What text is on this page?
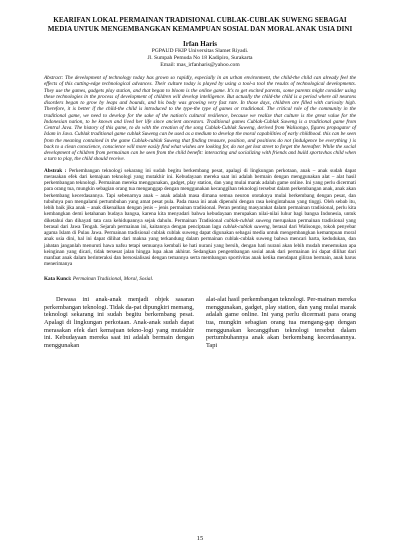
KEARIFAN LOKAL PERMAINAN TRADISIONAL CUBLAK-CUBLAK SUWENG SEBAGAI MEDIA UNTUK MENGEMBANGKAN KEMAMPUAN SOSIAL DAN MORAL ANAK USIA DINI
Irfan Haris
PGPAUD FKIP Universitas Slamet Riyadi.
Jl. Sumpah Pemuda No 18 Kadipiro, Surakarta
Email: mas_irfanharis@yahoo.com
Abstract: The development of technology today has grown so rapidly, especially in an urban environment, the child-the child can already feel the effects of this cutting-edge technological advances. Their culture today is played by using a tool-a tool the results of technological developments. They use the games, gadgets play station, and that began to bloom is the online game. It's to get excited parents, some parents might consider using these technologies in the process of development of children will develop intelligence. But actually the child-the child is a period where all neurons disorders began to grow by leaps and bounds, and his body was growing very fast rate. In those days, children are filled with curiosity high. Therefore, it is better if the child-the child is introduced to the type-the type of games or traditional. The critical role of the community in the traditional game, we need to develop for the sake of the nation's cultural resilience, because we realize that culture is the great value for the Indonesian nation, to be known and lived her life since ancient ancestors. Traditional games Cublak-Cublak Suweng is a traditional game from Central Java. The history of this game, to do with the creation of the song Cublak-Cublak Suweng, derived from Walisongo, figures propagator of Islam in Java. Cublak traditional game cublak Suweng can be used as a medium to develop the moral capabilities of early childhood. this can be seen from the meaning contained in the game Cublak-cublak Suweng that finding treasure, position, and positions do not (indulgence be everything ) is back to a clean conscience, conscience will more easily find what wishes are looking for, do not get lost street to forget the hereafter. While the social development of children from permainan can be seen from the child benefit: interacting and socializing with friends and build sportsvhas child when a turn to play, the child should receive.
Abstrak : Perkembangan teknologi sekarang ini sudah begitu berkembang pesat, apalagi di lingkungan perkotaan, anak – anak sudah dapat merasakan efek dari kemajuan teknologi yang mutakhir ini. Kebudayaan mereka saat ini adalah bermain dengan menggunakan alat – alat hasil perkembangan teknologi. Permainan mereka menggunakan, gadget, play station, dan yang mulai marak adalah game online. Ini yang perlu dicermati para orang tua, mungkin sebagian orang tua menganggap dengan menggunakan kecanggihan teknologi tersebut dalam perkembangan anak, anak akan berkembang kecerdasannya. Tapi sebenarnya anak – anak adalah masa dimana semua neuron ototaknya mulai berkembang dengan pesat, dan tubuhnya pun mengalami pertumbuhan yang amat pesat pula. Pada masa ini anak dipenuhi dengan rasa keingintahuan yang tinggi. Oleh sebab itu, lebih baik jika anak – anak dikenalkan dengan jenis – jenis permainan tradisional. Peran penting masyarakat dalam permainan tradisional, perlu kita kembangkan demi ketahanan budaya bangsa, karena kita menyadari bahwa kebudayaan merupakan nilai-nilai luhur bagi bangsa Indonesia, untuk diketahui dan dihayati tata cara kehidupannya sejak dahulu. Permainan Tradisional cublak-cublak suweng merupakan permainan tradisional yang berasal dari Jawa Tengah. Sejarah permainan ini, kaitannya dengan penciptaan lagu cublak-cublak suweng, berasal dari Walisongo, tokoh penyebar agama Islam di Pulau Jawa. Permainan tradisional cublak cublak suweng dapat digunakan sebagai media untuk mengembangkan kemampuan moral anak usia dini, hal ini dapat dilihat dari makna yang terkandung dalam permainan cublak-cublak suweng bahwa mencari harta, kedudukan, dan jabatan janganlah menuruti hawa nafsu tetapi semuanya kembali ke hati nurani yang bersih, dengan hati nurani akan lebih mudah menemukan apa keinginan yang dicari, tidak tersesat jalan hingga lupa akan akhirat. Sedangkan pengembangan sosial anak dari permainan ini dapat dilihat dari manfaat anak dalam berinteraksi dan bersosialisasi dengan temannya serta membangun sportivitas anak ketika mendapat giliran bermain, anak harus menerimanya
Kata Kunci: Permainan Tradisional, Moral, Sosial.

Dewasa ini anak-anak menjadi objek sasaran perkembangan teknologi. Tidak da-pat dipungkiri memang, teknologi sekarang ini sudah begitu berkembang pesat. Apalagi di lingkungan perkotaan. Anak-anak sudah dapat merasakan efek dari kemajuan tekno-logi yang mutakhir ini. Kebudayaan mereka saat ini adalah bermain dengan menggunakan

alat-alat hasil perkembangan teknologi. Per-mainan mereka menggunakan, gadget, play station, dan yang mulai marak adalah game online. Ini yang perlu dicermati para orang tua, mungkin sebagian orang tua mengang-gap dengan menggunakan kecanggihan teknologi tersebut dalam pertumbuhannya anak akan berkembang kecerdasannya. Tapi

15
